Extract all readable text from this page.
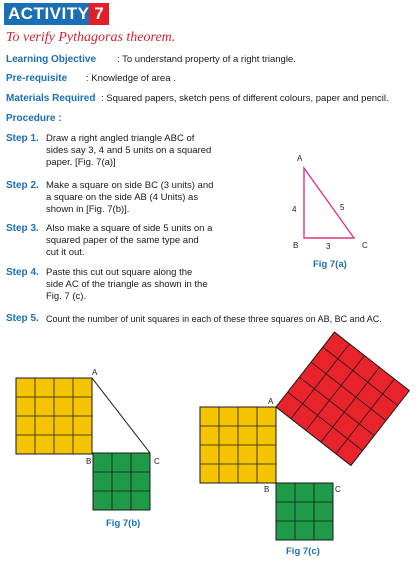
ACTIVITY 7
To verify Pythagoras theorem.
Learning Objective : To understand property of a right triangle.
Pre-requisite : Knowledge of area .
Materials Required : Squared papers, sketch pens of different colours, paper and pencil.
Procedure :
Step 1. Draw a right angled triangle ABC of
sides say 3, 4 and 5 units on a squared
paper. [Fig. 7(a)]
Step 2. Make a square on side BC (3 units) and
a square on the side AB (4 Units) as
shown in [Fig. 7(b)].
Step 3. Also make a square of side 5 units on a
squared paper of the same type and
cut it out.
Step 4. Paste this cut out square along the
side AC of the triangle as shown in the
Fig. 7 (c).
Step 5. Count the number of unit squares in each of these three squares on AB, BC and AC.
A
B	C
4
3
5
Fig 7(a)
A
B	C
Fig 7(b)
A
B	C
Fig 7(c)
